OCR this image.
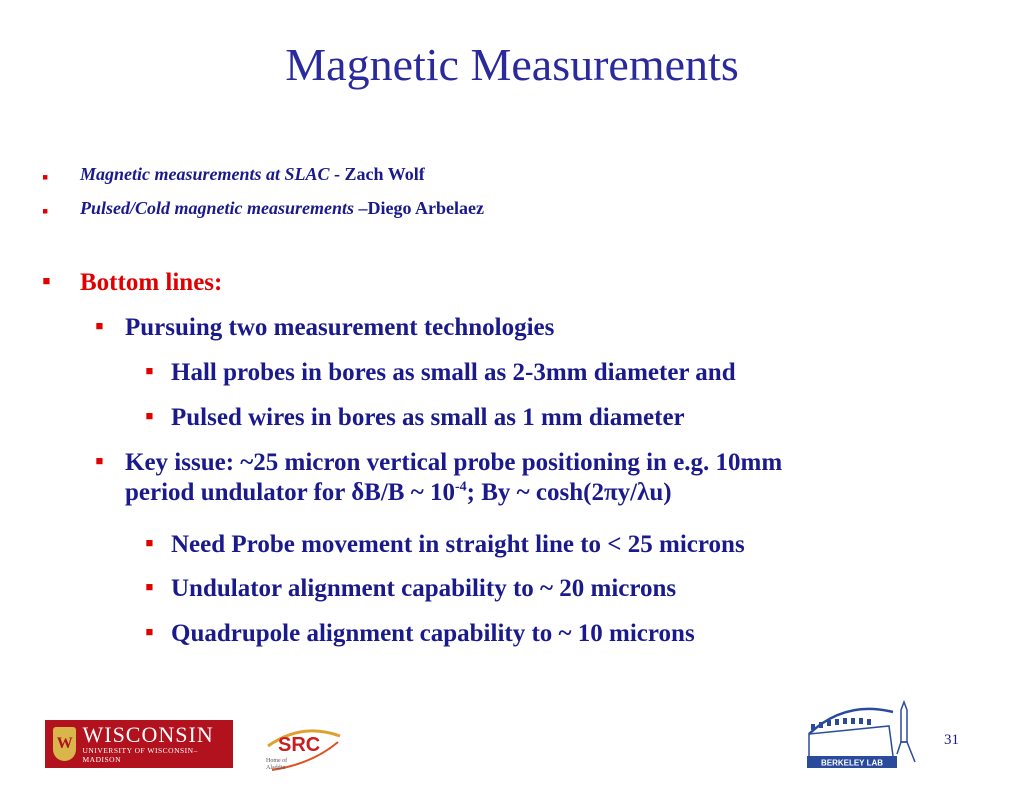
Magnetic Measurements
▪ Magnetic measurements at SLAC - Zach Wolf
▪ Pulsed/Cold magnetic measurements –Diego Arbelaez
▪ Bottom lines:
▪ Pursuing two measurement technologies
▪ Hall probes in bores as small as 2-3mm diameter and
▪ Pulsed wires in bores as small as 1 mm diameter
▪ Key issue: ~25 micron vertical probe positioning in e.g. 10mm
period undulator for δB/B ~ $10^{-4}$; By ~ cosh(2πy/λu)
▪ Need Probe movement in straight line to < 25 microns
▪ Undulator alignment capability to ~ 20 microns
▪ Quadrupole alignment capability to ~ 10 microns
W WISCONSIN
UNIVERSITY OF WISCONSIN–MADISON
SRC
Home of
Aladdin
BERKELEY LAB
31
